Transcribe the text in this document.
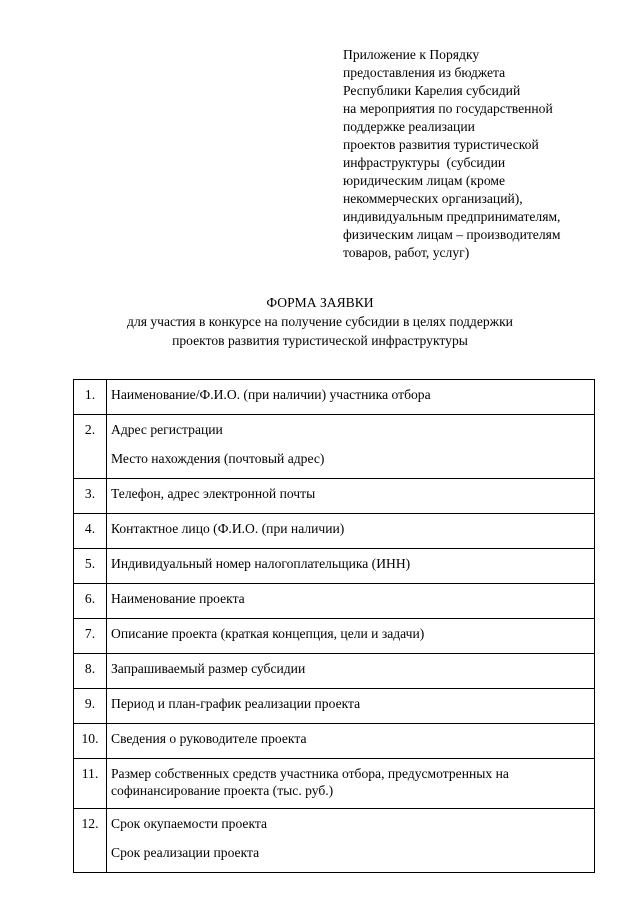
Приложение к Порядку
предоставления из бюджета
Республики Карелия субсидий
на мероприятия по государственной
поддержке реализации
проектов развития туристической
инфраструктуры  (субсидии
юридическим лицам (кроме
некоммерческих организаций),
индивидуальным предпринимателям,
физическим лицам – производителям
товаров, работ, услуг)
ФОРМА ЗАЯВКИ
для участия в конкурсе на получение субсидии в целях поддержки
проектов развития туристической инфраструктуры
1.	Наименование/Ф.И.О. (при наличии) участника отбора

2.	Адрес регистрации
Место нахождения (почтовый адрес)

3.	Телефон, адрес электронной почты

4.	Контактное лицо (Ф.И.О. (при наличии)

5.	Индивидуальный номер налогоплательщика (ИНН)

6.	Наименование проекта

7.	Описание проекта (краткая концепция, цели и задачи)

8.	Запрашиваемый размер субсидии

9.	Период и план-график реализации проекта

10.	Сведения о руководителе проекта

11.	Размер собственных средств участника отбора, предусмотренных на
софинансирование проекта (тыс. руб.)

12.	Срок окупаемости проекта
Срок реализации проекта
